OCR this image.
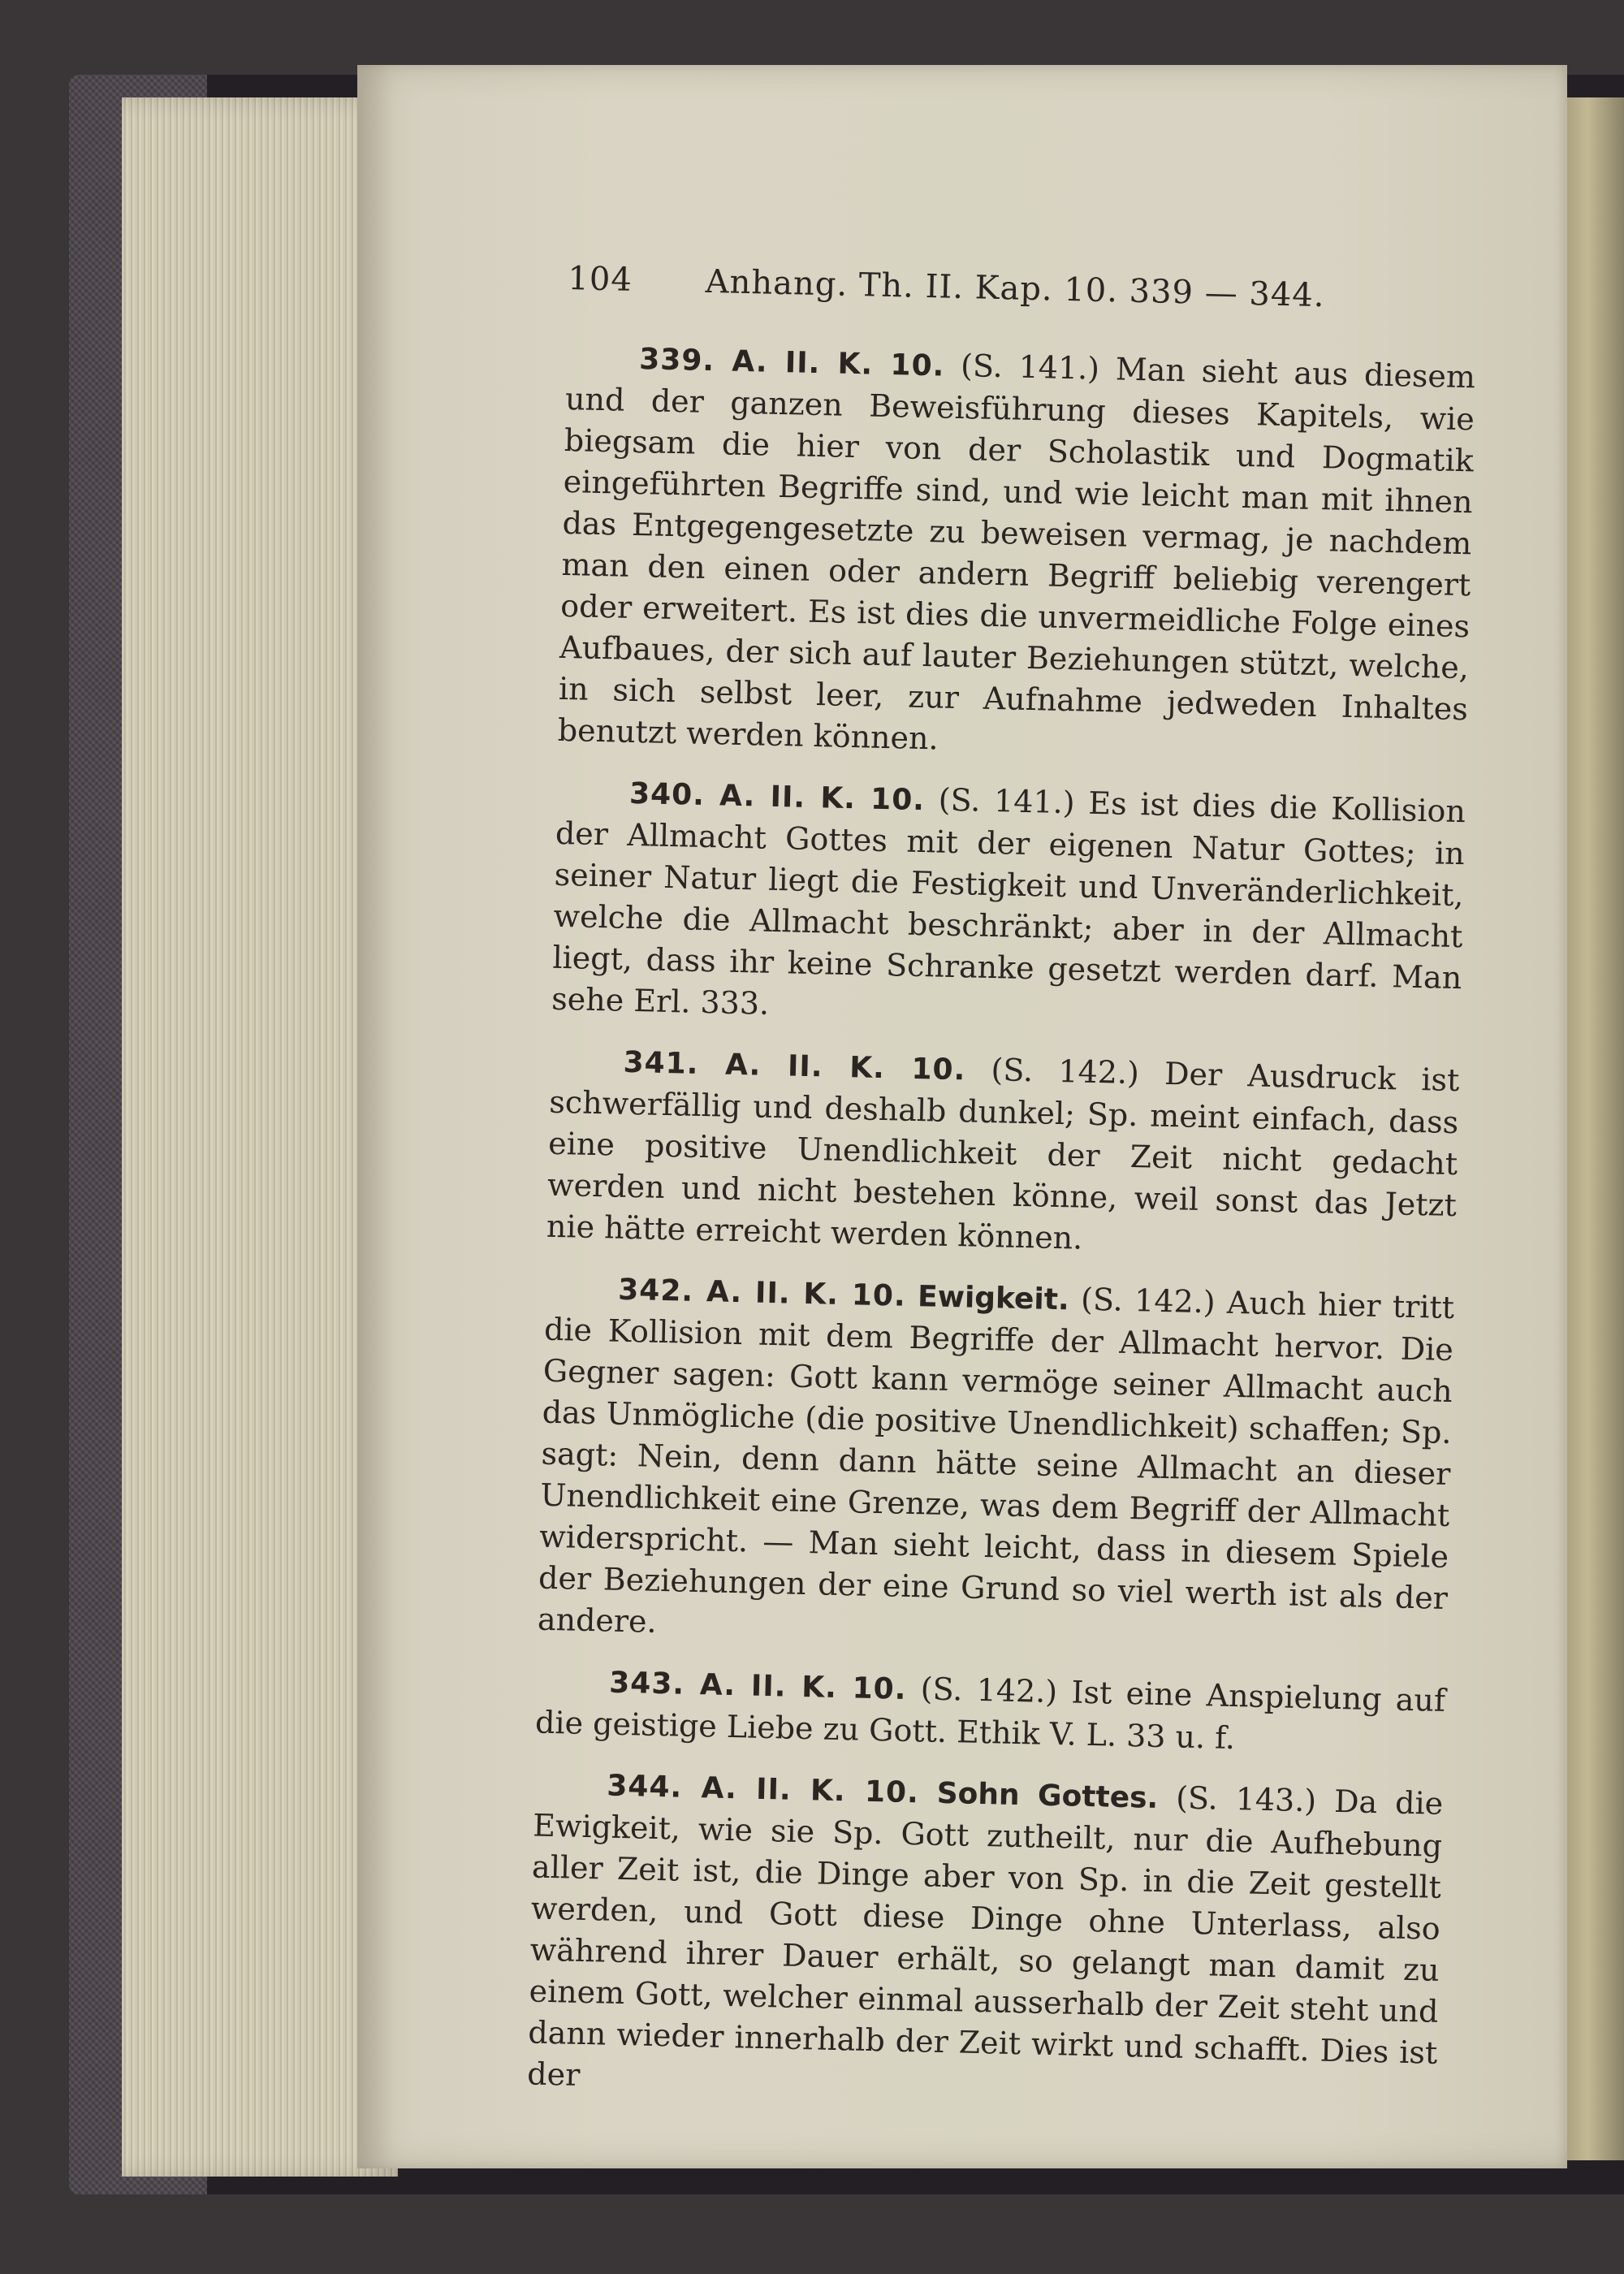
104	Anhang. Th. II. Kap. 10. 339 — 344.

339. A. II. K. 10. (S. 141.) Man sieht aus diesem und der ganzen Beweisführung dieses Kapitels, wie biegsam die hier von der Scholastik und Dogmatik eingeführten Begriffe sind, und wie leicht man mit ihnen das Entgegengesetzte zu beweisen vermag, je nachdem man den einen oder andern Begriff beliebig verengert oder erweitert. Es ist dies die unvermeidliche Folge eines Aufbaues, der sich auf lauter Beziehungen stützt, welche, in sich selbst leer, zur Aufnahme jedweden Inhaltes benutzt werden können.

340. A. II. K. 10. (S. 141.) Es ist dies die Kollision der Allmacht Gottes mit der eigenen Natur Gottes; in seiner Natur liegt die Festigkeit und Unveränderlichkeit, welche die Allmacht beschränkt; aber in der Allmacht liegt, dass ihr keine Schranke gesetzt werden darf. Man sehe Erl. 333.

341. A. II. K. 10. (S. 142.) Der Ausdruck ist schwerfällig und deshalb dunkel; Sp. meint einfach, dass eine positive Unendlichkeit der Zeit nicht gedacht werden und nicht bestehen könne, weil sonst das Jetzt nie hätte erreicht werden können.

342. A. II. K. 10. Ewigkeit. (S. 142.) Auch hier tritt die Kollision mit dem Begriffe der Allmacht hervor. Die Gegner sagen: Gott kann vermöge seiner Allmacht auch das Unmögliche (die positive Unendlichkeit) schaffen; Sp. sagt: Nein, denn dann hätte seine Allmacht an dieser Unendlichkeit eine Grenze, was dem Begriff der Allmacht widerspricht. — Man sieht leicht, dass in diesem Spiele der Beziehungen der eine Grund so viel werth ist als der andere.

343. A. II. K. 10. (S. 142.) Ist eine Anspielung auf die geistige Liebe zu Gott. Ethik V. L. 33 u. f.

344. A. II. K. 10. Sohn Gottes. (S. 143.) Da die Ewigkeit, wie sie Sp. Gott zutheilt, nur die Aufhebung aller Zeit ist, die Dinge aber von Sp. in die Zeit gestellt werden, und Gott diese Dinge ohne Unterlass, also während ihrer Dauer erhält, so gelangt man damit zu einem Gott, welcher einmal ausserhalb der Zeit steht und dann wieder innerhalb der Zeit wirkt und schafft. Dies ist der
